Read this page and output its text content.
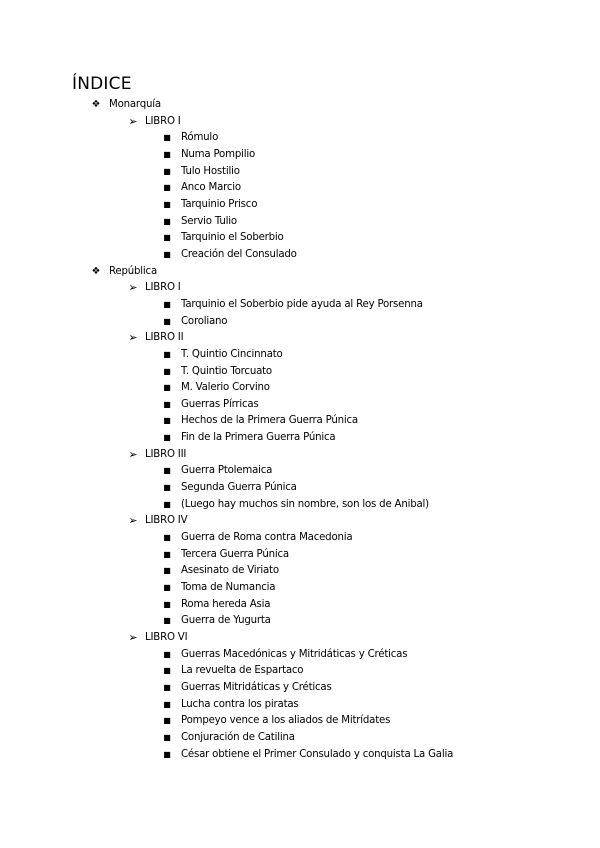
ÍNDICE
❖ Monarquía
➢ LIBRO I
■	Rómulo
■	Numa Pompilio
■	Tulo Hostilio
■	Anco Marcio
■	Tarquinio Prisco
■	Servio Tulio
■	Tarquinio el Soberbio
■	Creación del Consulado
❖ República
➢ LIBRO I
■	Tarquinio el Soberbio pide ayuda al Rey Porsenna
■	Coroliano
➢ LIBRO II
■	T. Quintio Cincinnato
■	T. Quintio Torcuato
■	M. Valerio Corvino
■	Guerras Pírricas
■	Hechos de la Primera Guerra Púnica
■	Fin de la Primera Guerra Púnica
➢ LIBRO III
■	Guerra Ptolemaica
■	Segunda Guerra Púnica
■	(Luego hay muchos sin nombre, son los de Anibal)
➢ LIBRO IV
■	Guerra de Roma contra Macedonia
■	Tercera Guerra Púnica
■	Asesinato de Viriato
■	Toma de Numancia
■	Roma hereda Asia
■	Guerra de Yugurta
➢ LIBRO VI
■	Guerras Macedónicas y Mitridáticas y Créticas
■	La revuelta de Espartaco
■	Guerras Mitridáticas y Créticas
■	Lucha contra los piratas
■	Pompeyo vence a los aliados de Mitrídates
■	Conjuración de Catilina
■	César obtiene el Primer Consulado y conquista La Galia
